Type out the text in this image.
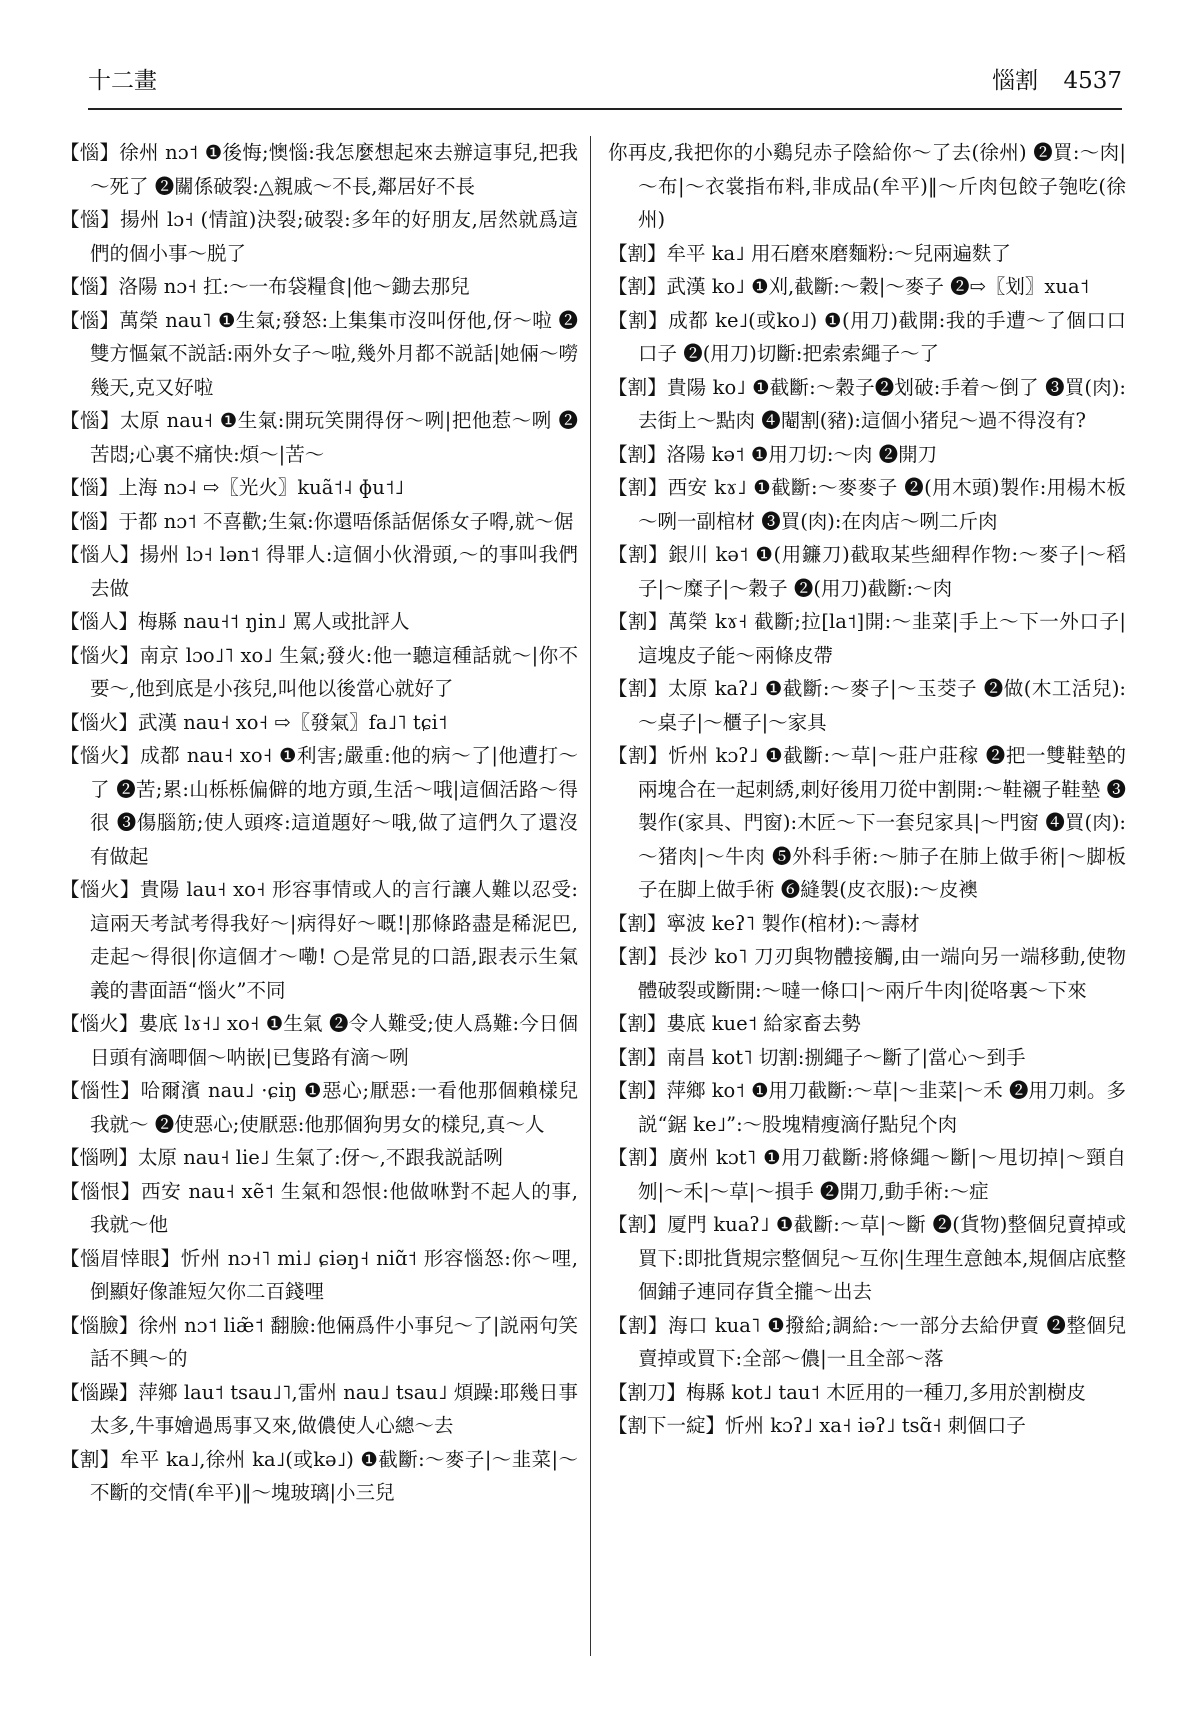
十二畫	惱割 4537
【惱】徐州 nɔ˦ ❶後悔;懊惱:我怎麼想起來去辦這事兒,把我～死了 ❷關係破裂:△親戚～不長,鄰居好不長
【惱】揚州 lɔ˧ (情誼)決裂;破裂:多年的好朋友,居然就爲這們的個小事～脱了
【惱】洛陽 nɔ˧ 扛:～一布袋糧食|他～鋤去那兒
【惱】萬榮 nau˥ ❶生氣;發怒:上集集市沒叫伢他,伢～啦 ❷雙方慪氣不説話:兩外女子～啦,幾外月都不説話|她倆～嘮幾天,克又好啦
【惱】太原 nau˧ ❶生氣:開玩笑開得伢～咧|把他惹～咧 ❷苦悶;心裏不痛快:煩～|苦～
【惱】上海 nɔ˨ ⇨〖光火〗kuã˦˨ ɸu˦˩
【惱】于都 nɔ˦ 不喜歡;生氣:你還唔係話倨係女子嘚,就～倨
【惱人】揚州 lɔ˧ lən˦ 得罪人:這個小伙滑頭,～的事叫我們去做
【惱人】梅縣 nau˧˦ ŋin˩ 罵人或批評人
【惱火】南京 lɔo˩˥ xo˩ 生氣;發火:他一聽這種話就～|你不要～,他到底是小孩兒,叫他以後當心就好了
【惱火】武漢 nau˧ xo˧ ⇨〖發氣〗fa˩˥ tɕi˦
【惱火】成都 nau˧ xo˧ ❶利害;嚴重:他的病～了|他遭打～了 ❷苦;累:山栎栎偏僻的地方頭,生活～哦|這個活路～得很 ❸傷腦筋;使人頭疼:這道題好～哦,做了這們久了還沒有做起
【惱火】貴陽 lau˧ xo˧ 形容事情或人的言行讓人難以忍受:這兩天考試考得我好～|病得好～嘅!|那條路盡是稀泥巴,走起～得很|你這個才～嘞! ○是常見的口語,跟表示生氣義的書面語“惱火”不同
【惱火】婁底 lɤ˧˩ xo˧ ❶生氣 ❷令人難受;使人爲難:今日個日頭有滴唧個～呐嵌|已隻路有滴～咧
【惱性】哈爾濱 nau˩ ·ɕiŋ ❶惡心;厭惡:一看他那個賴樣兒我就～ ❷使惡心;使厭惡:他那個狗男女的樣兒,真～人
【惱咧】太原 nau˧ lie˩ 生氣了:伢～,不跟我説話咧
【惱恨】西安 nau˧ xẽ˦ 生氣和怨恨:他做咻對不起人的事,我就～他
【惱眉悻眼】忻州 nɔ˧˥ mi˩ ɕiəŋ˧ niɑ̃˦ 形容惱怒:你～哩,倒顯好像誰短欠你二百錢哩
【惱臉】徐州 nɔ˦ liæ̃˦ 翻臉:他倆爲件小事兒～了|説兩句笑話不興～的
【惱躁】萍鄉 lau˦ tsau˩˥,雷州 nau˩ tsau˩ 煩躁:耶幾日事太多,牛事嬒過馬事又來,做儂使人心總～去
【割】牟平 ka˩,徐州 ka˩(或kə˩) ❶截斷:～麥子|～韭菜|～不斷的交情(牟平)‖～塊玻璃|小三兒
你再皮,我把你的小鷄兒赤子陰給你～了去(徐州) ❷買:～肉|～布|～衣裳指布料,非成品(牟平)‖～斤肉包餃子匏吃(徐州)
【割】牟平 ka˩ 用石磨來磨麵粉:～兒兩遍麩了
【割】武漢 ko˩ ❶刈,截斷:～穀|～麥子 ❷⇨〖划〗xua˦
【割】成都 ke˩(或ko˩) ❶(用刀)截開:我的手遭～了個口口口子 ❷(用刀)切斷:把索索繩子～了
【割】貴陽 ko˩ ❶截斷:～穀子❷划破:手着～倒了 ❸買(肉):去街上～點肉 ❹閹割(豬):這個小猪兒～過不得沒有?
【割】洛陽 kə˦ ❶用刀切:～肉 ❷開刀
【割】西安 kɤ˩ ❶截斷:～麥麥子 ❷(用木頭)製作:用楊木板～咧一副棺材 ❸買(肉):在肉店～咧二斤肉
【割】銀川 kə˦ ❶(用鐮刀)截取某些細稈作物:～麥子|～稻子|～糜子|～穀子 ❷(用刀)截斷:～肉
【割】萬榮 kɤ˧ 截斷;拉[la˦]開:～韭菜|手上～下一外口子|這塊皮子能～兩條皮帶
【割】太原 kaʔ˩ ❶截斷:～麥子|～玉茭子 ❷做(木工活兒):～桌子|～櫃子|～家具
【割】忻州 kɔʔ˩ ❶截斷:～草|～莊户莊稼 ❷把一雙鞋墊的兩塊合在一起刺綉,刺好後用刀從中割開:～鞋襯子鞋墊 ❸製作(家具、門窗):木匠～下一套兒家具|～門窗 ❹買(肉):～猪肉|～牛肉 ❺外科手術:～肺子在肺上做手術|～脚板子在脚上做手術 ❻縫製(皮衣服):～皮襖
【割】寧波 keʔ˥ 製作(棺材):～壽材
【割】長沙 ko˥ 刀刃與物體接觸,由一端向另一端移動,使物體破裂或斷開:～噠一條口|～兩斤牛肉|從咯裏～下來
【割】婁底 kue˦ 給家畜去勢
【割】南昌 kot˥ 切割:捌繩子～斷了|當心～到手
【割】萍鄉 ko˦ ❶用刀截斷:～草|～韭菜|～禾 ❷用刀刺。多説“鋸 ke˩”:～股塊精瘦滴仔點兒个肉
【割】廣州 kɔt˥ ❶用刀截斷:將條繩～斷|～甩切掉|～頸自刎|～禾|～草|～損手 ❷開刀,動手術:～症
【割】厦門 kuaʔ˩ ❶截斷:～草|～斷 ❷(貨物)整個兒賣掉或買下:即批貨規宗整個兒～互你|生理生意蝕本,規個店底整個鋪子連同存貨全攏～出去
【割】海口 kua˥ ❶撥給;調給:～一部分去給伊賣 ❷整個兒賣掉或買下:全部～儂|一且全部～落
【割刀】梅縣 kot˩ tau˦ 木匠用的一種刀,多用於割樹皮
【割下一綻】忻州 kɔʔ˩ xa˧ iəʔ˩ tsɑ̃˧ 刺個口子
